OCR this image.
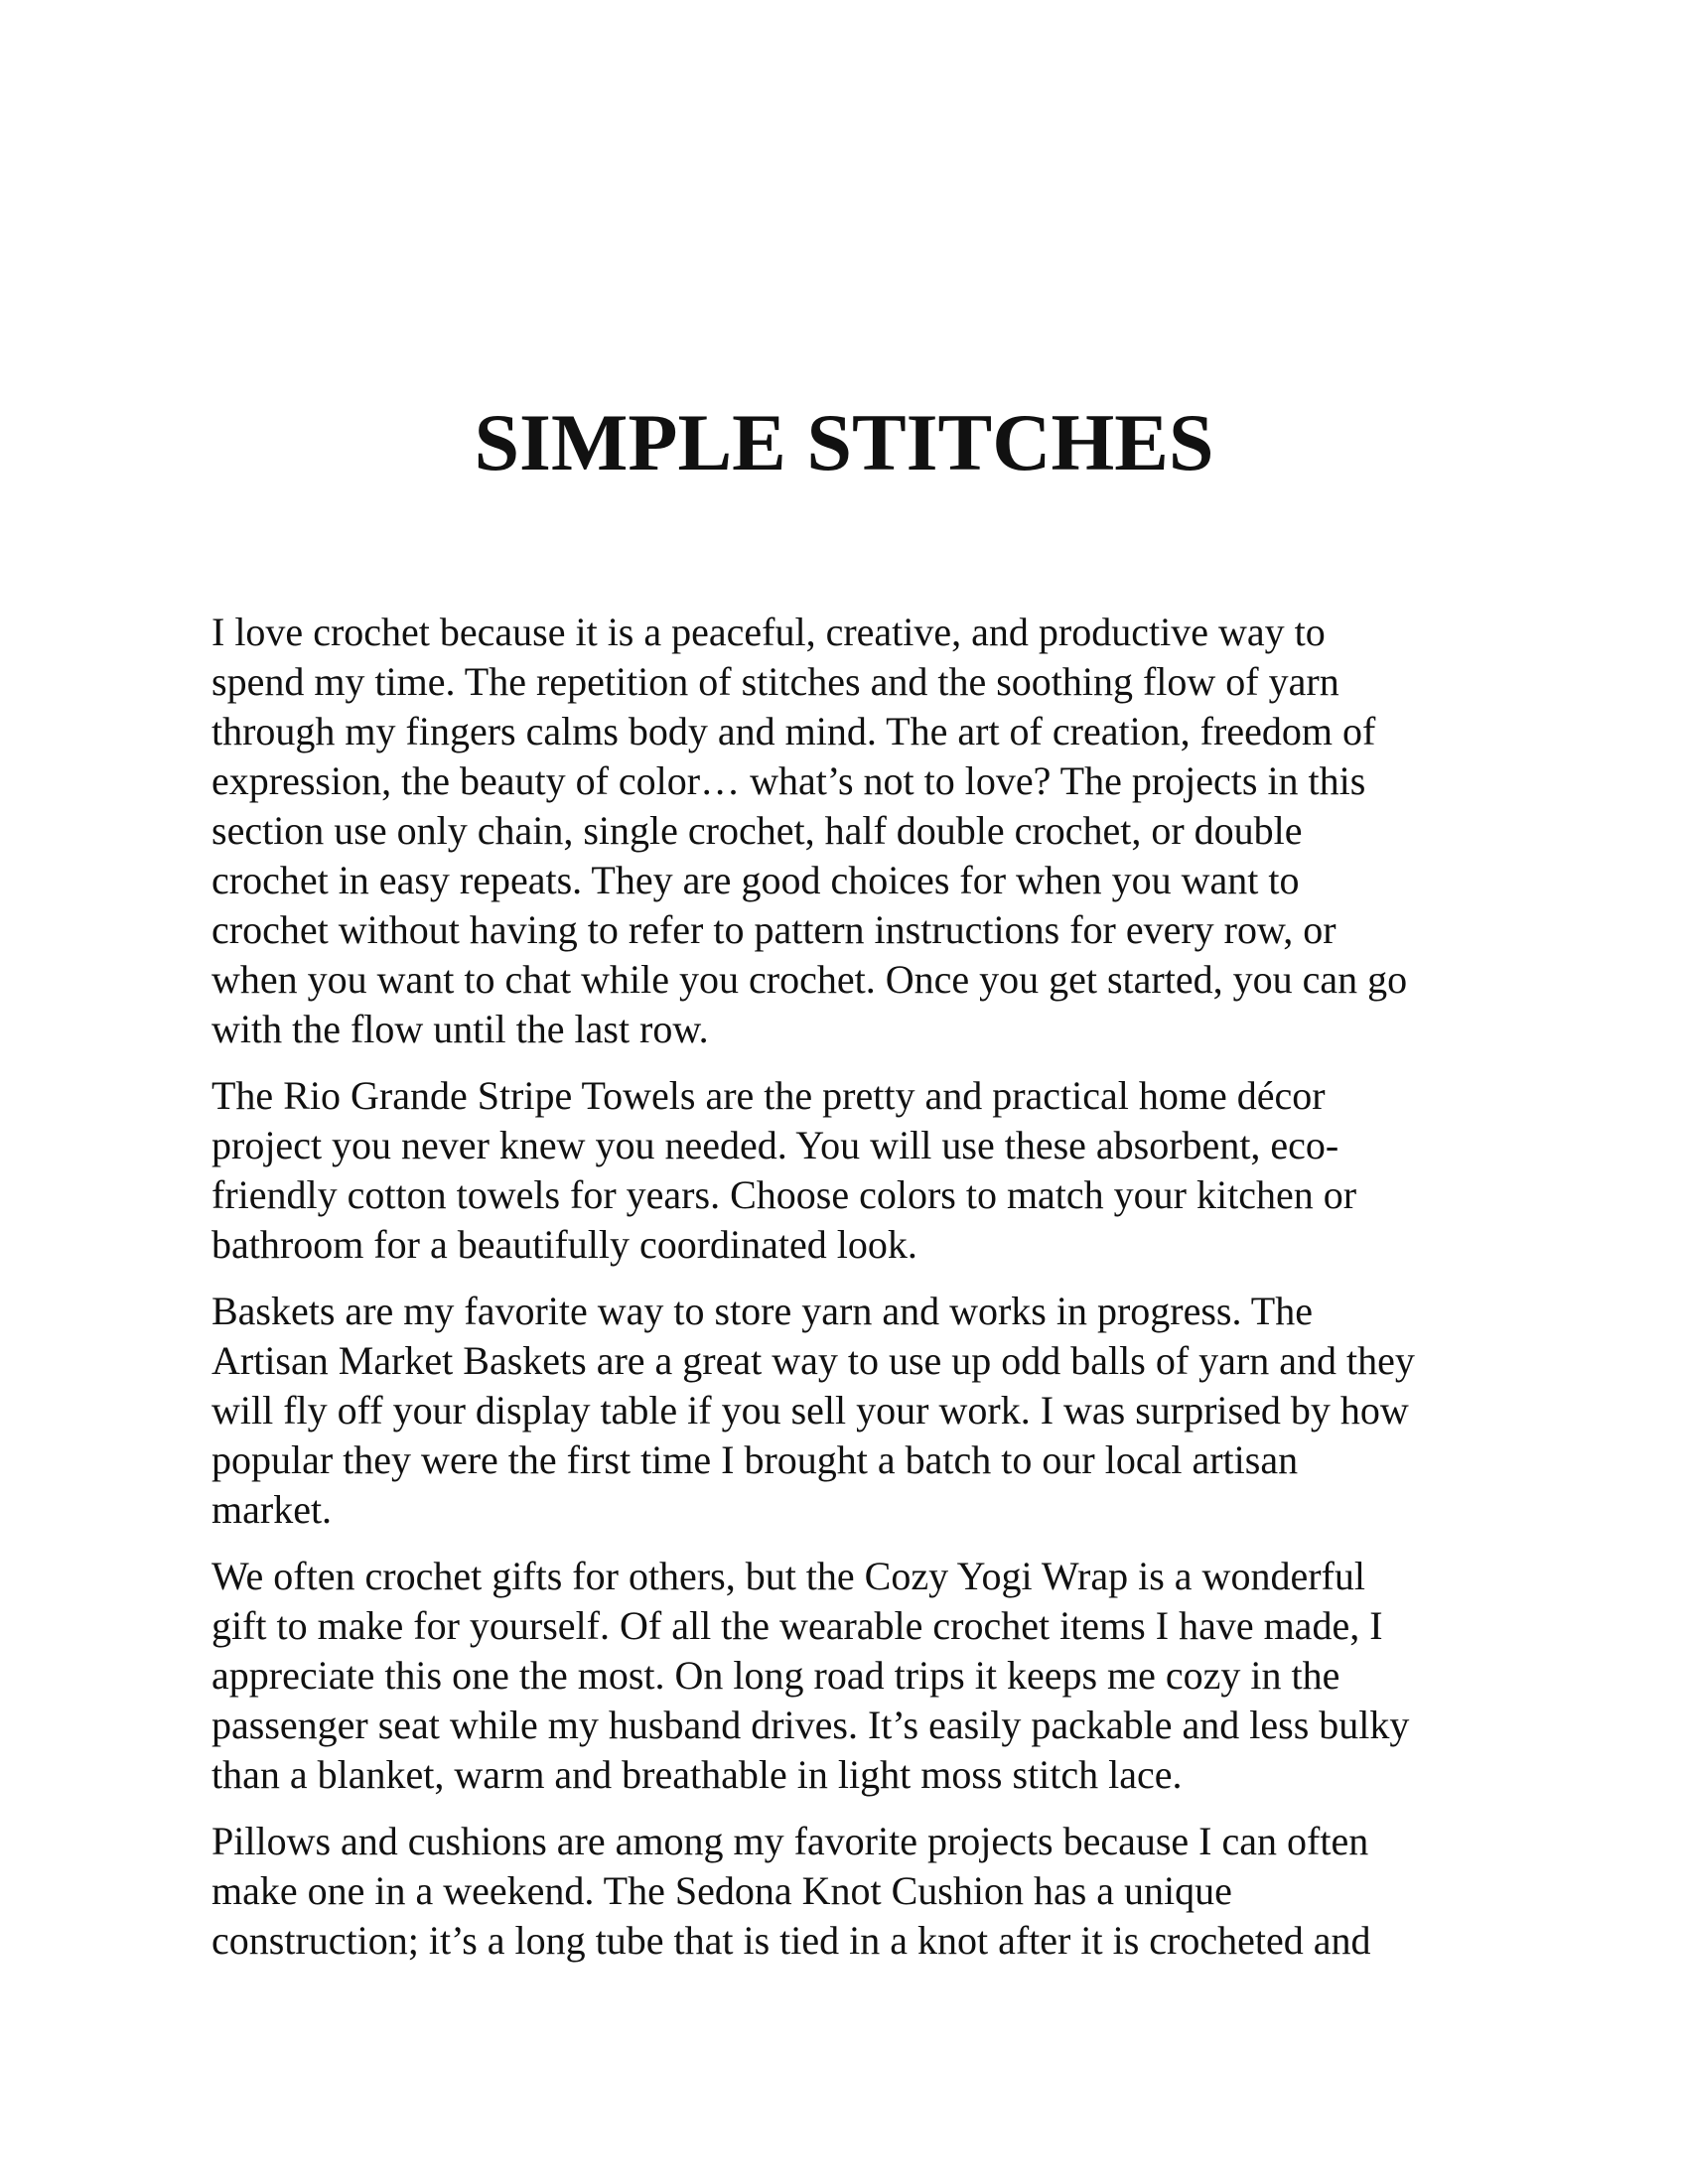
SIMPLE STITCHES

I love crochet because it is a peaceful, creative, and productive way to
spend my time. The repetition of stitches and the soothing flow of yarn
through my fingers calms body and mind. The art of creation, freedom of
expression, the beauty of color… what’s not to love? The projects in this
section use only chain, single crochet, half double crochet, or double
crochet in easy repeats. They are good choices for when you want to
crochet without having to refer to pattern instructions for every row, or
when you want to chat while you crochet. Once you get started, you can go
with the flow until the last row.

The Rio Grande Stripe Towels are the pretty and practical home décor
project you never knew you needed. You will use these absorbent, eco-
friendly cotton towels for years. Choose colors to match your kitchen or
bathroom for a beautifully coordinated look.

Baskets are my favorite way to store yarn and works in progress. The
Artisan Market Baskets are a great way to use up odd balls of yarn and they
will fly off your display table if you sell your work. I was surprised by how
popular they were the first time I brought a batch to our local artisan
market.

We often crochet gifts for others, but the Cozy Yogi Wrap is a wonderful
gift to make for yourself. Of all the wearable crochet items I have made, I
appreciate this one the most. On long road trips it keeps me cozy in the
passenger seat while my husband drives. It’s easily packable and less bulky
than a blanket, warm and breathable in light moss stitch lace.

Pillows and cushions are among my favorite projects because I can often
make one in a weekend. The Sedona Knot Cushion has a unique
construction; it’s a long tube that is tied in a knot after it is crocheted and
